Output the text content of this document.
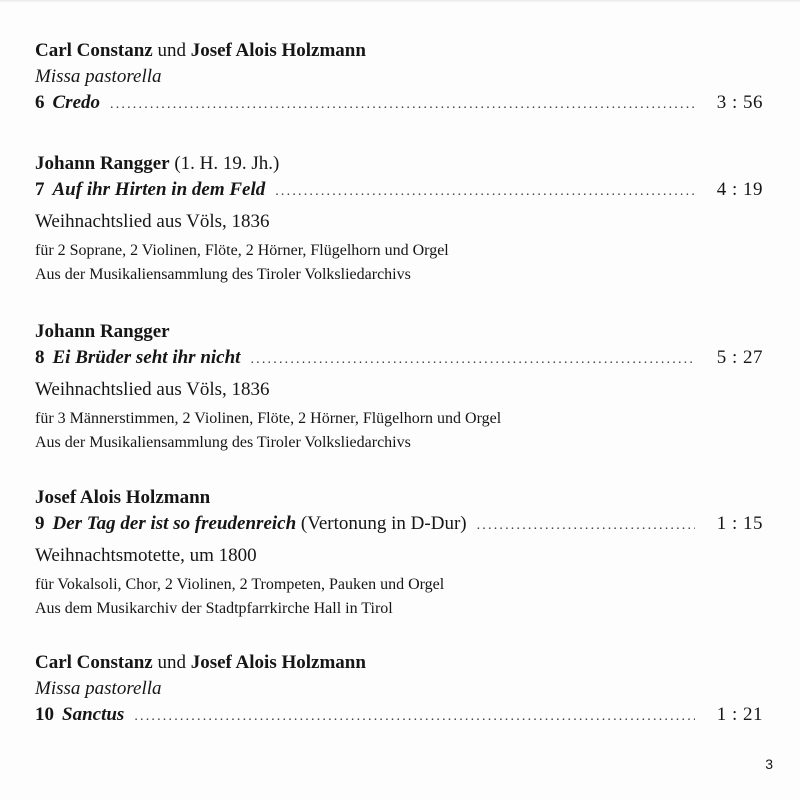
Carl Constanz und Josef Alois Holzmann
Missa pastorella
6 Credo .....	3 : 56
Johann Rangger (1. H. 19. Jh.)
7 Auf ihr Hirten in dem Feld .....	4 : 19
Weihnachtslied aus Völs, 1836
für 2 Soprane, 2 Violinen, Flöte, 2 Hörner, Flügelhorn und Orgel
Aus der Musikaliensammlung des Tiroler Volksliedarchivs
Johann Rangger
8 Ei Brüder seht ihr nicht .....	5 : 27
Weihnachtslied aus Völs, 1836
für 3 Männerstimmen, 2 Violinen, Flöte, 2 Hörner, Flügelhorn und Orgel
Aus der Musikaliensammlung des Tiroler Volksliedarchivs
Josef Alois Holzmann
9 Der Tag der ist so freudenreich (Vertonung in D-Dur) .....	1 : 15
Weihnachtsmotette, um 1800
für Vokalsoli, Chor, 2 Violinen, 2 Trompeten, Pauken und Orgel
Aus dem Musikarchiv der Stadtpfarrkirche Hall in Tirol
Carl Constanz und Josef Alois Holzmann
Missa pastorella
10 Sanctus .....	1 : 21
3
